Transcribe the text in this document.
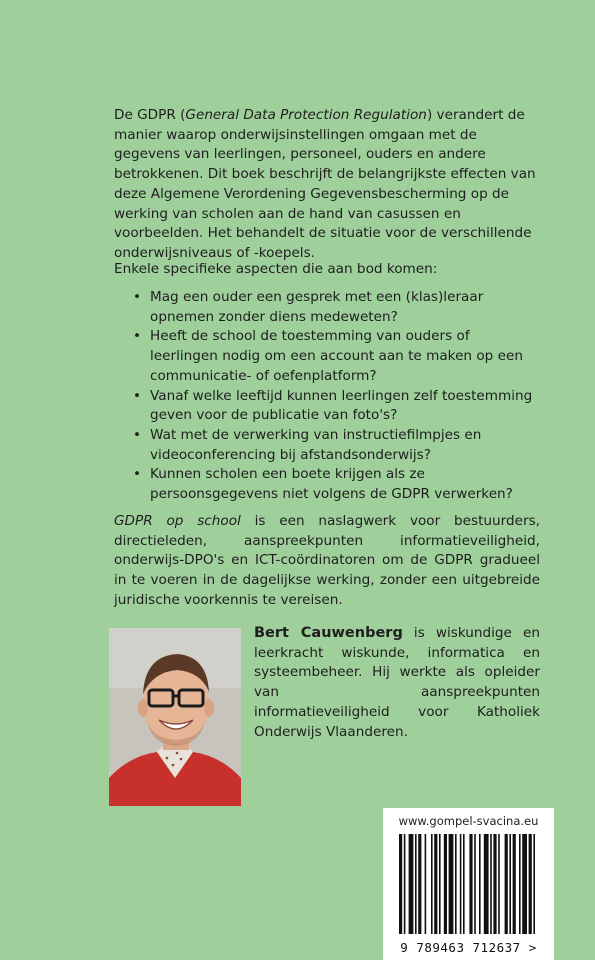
De GDPR (General Data Protection Regulation) verandert de manier waarop onderwijsinstellingen omgaan met de gegevens van leerlingen, personeel, ouders en andere betrokkenen. Dit boek beschrijft de belangrijkste effecten van deze Algemene Verordening Gegevensbescherming op de werking van scholen aan de hand van casussen en voorbeelden. Het behandelt de situatie voor de verschillende onderwijsniveaus of -koepels.

Enkele specifieke aspecten die aan bod komen:

• Mag een ouder een gesprek met een (klas)leraar opnemen zonder diens medeweten?
• Heeft de school de toestemming van ouders of leerlingen nodig om een account aan te maken op een communicatie- of oefenplatform?
• Vanaf welke leeftijd kunnen leerlingen zelf toestemming geven voor de publicatie van foto's?
• Wat met de verwerking van instructiefilmpjes en videoconferencing bij afstandsonderwijs?
• Kunnen scholen een boete krijgen als ze persoonsgegevens niet volgens de GDPR verwerken?

GDPR op school is een naslagwerk voor bestuurders, directieleden, aanspreekpunten informatieveiligheid, onderwijs-DPO's en ICT-coördinatoren om de GDPR gradueel in te voeren in de dagelijkse werking, zonder een uitgebreide juridische voorkennis te vereisen.

Bert Cauwenberg is wiskundige en leerkracht wiskunde, informatica en systeembeheer. Hij werkte als opleider van aanspreekpunten informatieveiligheid voor Katholiek Onderwijs Vlaanderen.

www.gompel-svacina.eu
9 789463 712637 >
